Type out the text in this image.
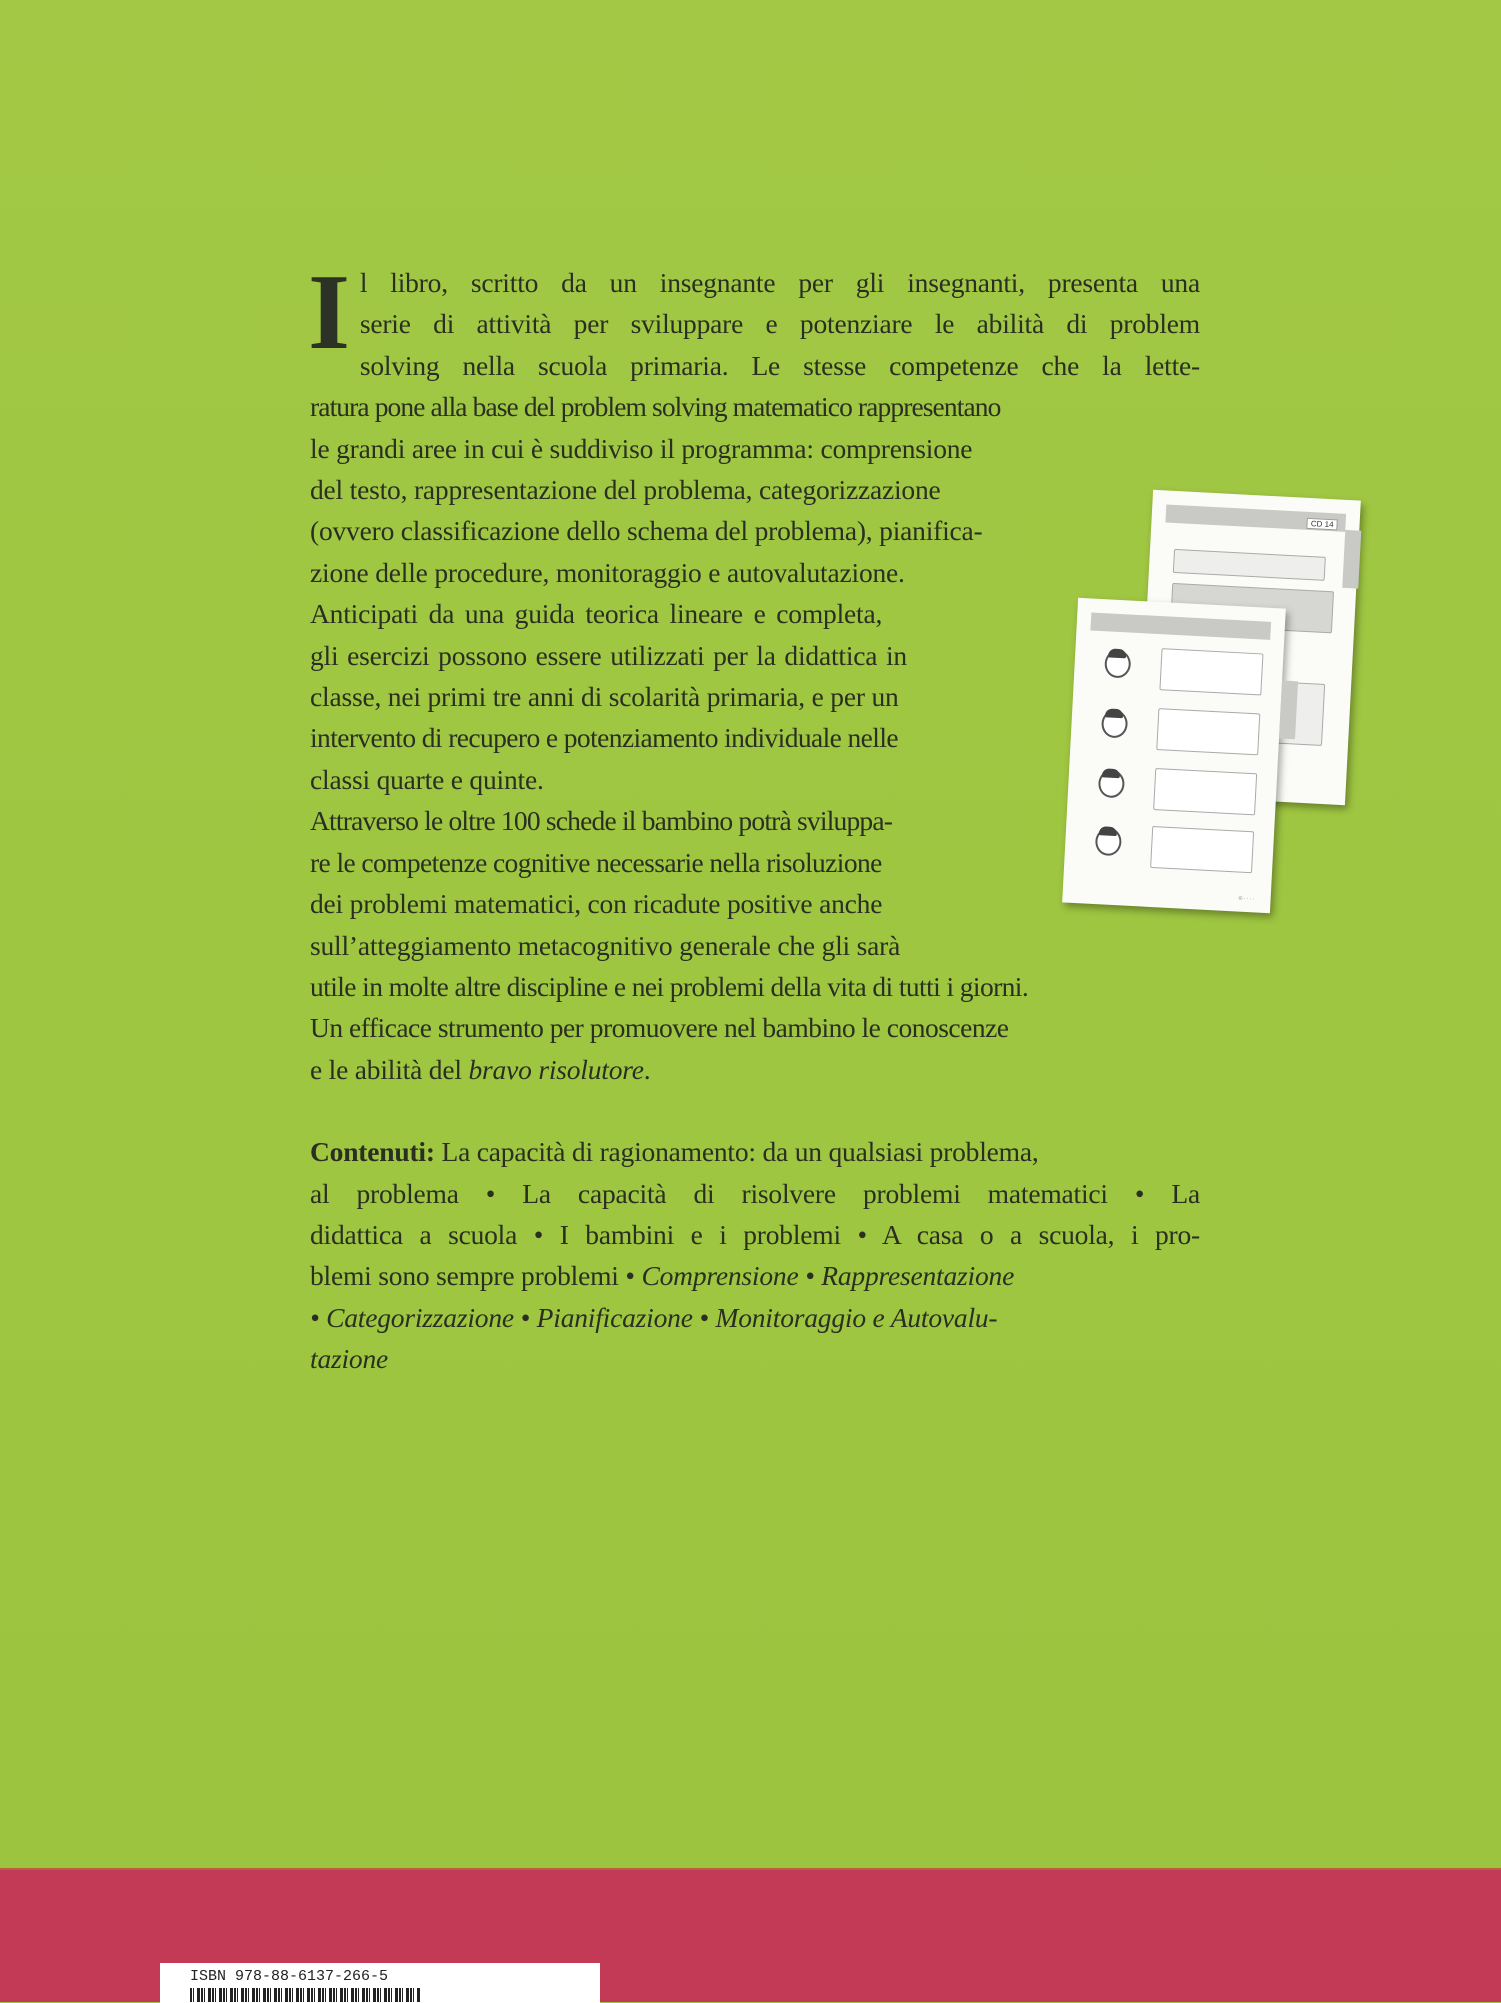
I l libro, scritto da un insegnante per gli insegnanti, presenta una
serie di attività per sviluppare e potenziare le abilità di problem
solving nella scuola primaria. Le stesse competenze che la lette-
ratura pone alla base del problem solving matematico rappresentano
le grandi aree in cui è suddiviso il programma: comprensione
del testo, rappresentazione del problema, categorizzazione
(ovvero classificazione dello schema del problema), pianifica-
zione delle procedure, monitoraggio e autovalutazione.
Anticipati da una guida teorica lineare e completa,
gli esercizi possono essere utilizzati per la didattica in
classe, nei primi tre anni di scolarità primaria, e per un
intervento di recupero e potenziamento individuale nelle
classi quarte e quinte.
Attraverso le oltre 100 schede il bambino potrà sviluppa-
re le competenze cognitive necessarie nella risoluzione
dei problemi matematici, con ricadute positive anche
sull’atteggiamento metacognitivo generale che gli sarà
utile in molte altre discipline e nei problemi della vita di tutti i giorni.
Un efficace strumento per promuovere nel bambino le conoscenze
e le abilità del bravo risolutore.

Contenuti: La capacità di ragionamento: da un qualsiasi problema,
al problema • La capacità di risolvere problemi matematici • La
didattica a scuola • I bambini e i problemi • A casa o a scuola, i pro-
blemi sono sempre problemi • Comprensione • Rappresentazione
• Categorizzazione • Pianificazione • Monitoraggio e Autovalu-
tazione

CD 14
© · · · ·
ISBN 978-88-6137-266-5
